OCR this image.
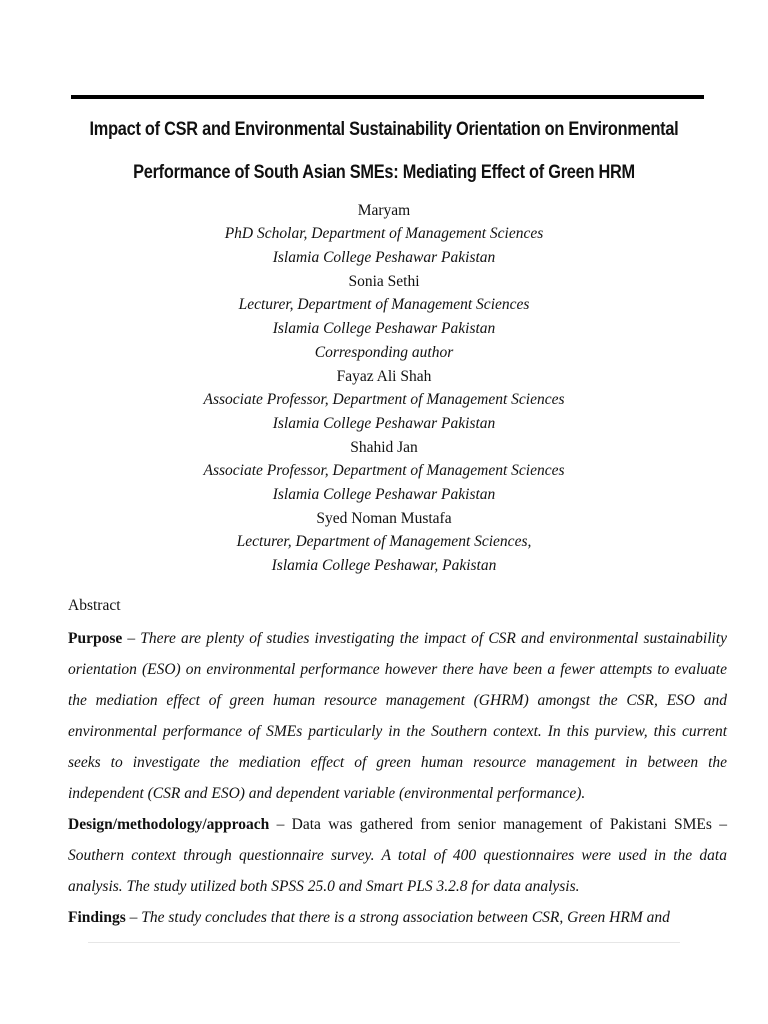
Impact of CSR and Environmental Sustainability Orientation on Environmental
Performance of South Asian SMEs: Mediating Effect of Green HRM
Maryam
PhD Scholar, Department of Management Sciences
Islamia College Peshawar Pakistan
Sonia Sethi
Lecturer, Department of Management Sciences
Islamia College Peshawar Pakistan
Corresponding author
Fayaz Ali Shah
Associate Professor, Department of Management Sciences
Islamia College Peshawar Pakistan
Shahid Jan
Associate Professor, Department of Management Sciences
Islamia College Peshawar Pakistan
Syed Noman Mustafa
Lecturer, Department of Management Sciences,
Islamia College Peshawar, Pakistan
Abstract
Purpose – There are plenty of studies investigating the impact of CSR and environmental sustainability orientation (ESO) on environmental performance however there have been a fewer attempts to evaluate the mediation effect of green human resource management (GHRM) amongst the CSR, ESO and environmental performance of SMEs particularly in the Southern context. In this purview, this current seeks to investigate the mediation effect of green human resource management in between the independent (CSR and ESO) and dependent variable (environmental performance).
Design/methodology/approach – Data was gathered from senior management of Pakistani SMEs – Southern context through questionnaire survey. A total of 400 questionnaires were used in the data analysis. The study utilized both SPSS 25.0 and Smart PLS 3.2.8 for data analysis.
Findings – The study concludes that there is a strong association between CSR, Green HRM and
